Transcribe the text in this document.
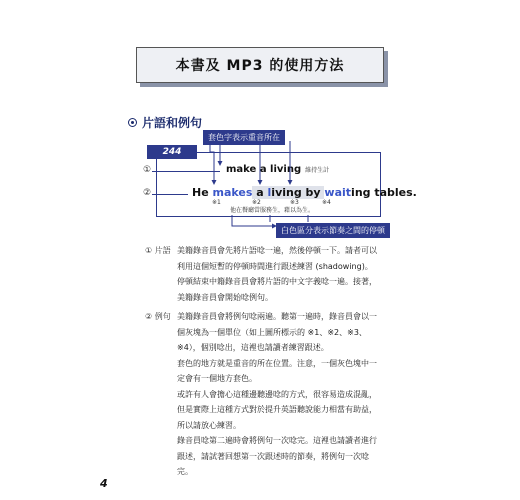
本書及 MP3 的使用方法
片語和例句
套色字表示重音所在
244
①
②
make a living 維持生計
He makes a living by waiting tables.
※1	※2	※3	※4
他在餐廳當服務生，藉以為生。
白色區分表示節奏之間的停頓
① 片語 美籍錄音員會先將片語唸一遍，然後停頓一下。請者可以利用這個短暫的停頓時間進行跟述練習 (shadowing)。停頓結束中籍錄音員會將片語的中文字義唸一遍。接著，美籍錄音員會開始唸例句。
② 例句 美籍錄音員會將例句唸兩遍。聽第一遍時，錄音員會以一個灰塊為一個單位（如上圖所標示的 ※1、※2、※3、※4），個別唸出，這裡也請讀者練習跟述。
套色的地方就是重音的所在位置。注意，一個灰色塊中一定會有一個地方套色。
或許有人會擔心這種邊聽邊唸的方式，很容易造成混亂，但是實際上這種方式對於提升英語聽說能力相當有助益，所以請放心練習。
錄音員唸第二遍時會將例句一次唸完。這裡也請讀者進行跟述，請試著回想第一次跟述時的節奏，將例句一次唸完。
4
